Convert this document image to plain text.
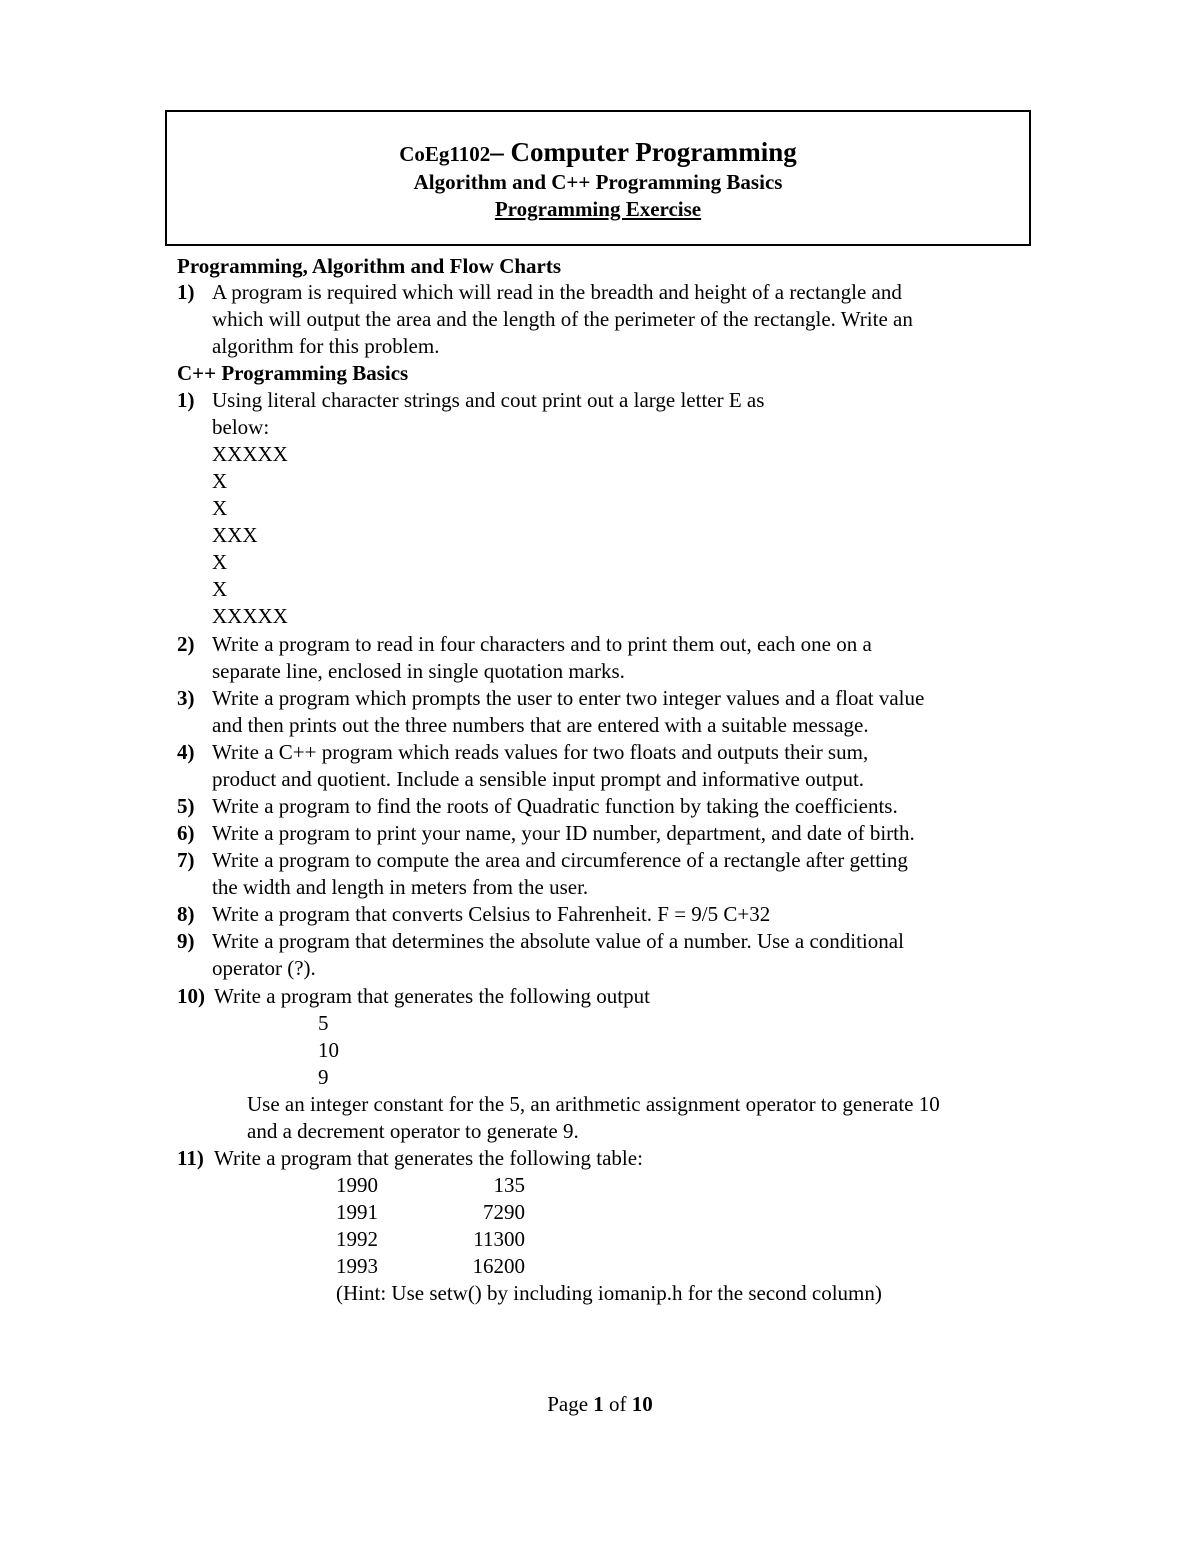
CoEg1102– Computer Programming
Algorithm and C++ Programming Basics
Programming Exercise
Programming, Algorithm and Flow Charts
1) A program is required which will read in the breadth and height of a rectangle and
which will output the area and the length of the perimeter of the rectangle. Write an
algorithm for this problem.
C++ Programming Basics
1) Using literal character strings and cout print out a large letter E as
below:
XXXXX
X
X
XXX
X
X
XXXXX
2) Write a program to read in four characters and to print them out, each one on a
separate line, enclosed in single quotation marks.
3) Write a program which prompts the user to enter two integer values and a float value
and then prints out the three numbers that are entered with a suitable message.
4) Write a C++ program which reads values for two floats and outputs their sum,
product and quotient. Include a sensible input prompt and informative output.
5) Write a program to find the roots of Quadratic function by taking the coefficients.
6) Write a program to print your name, your ID number, department, and date of birth.
7) Write a program to compute the area and circumference of a rectangle after getting
the width and length in meters from the user.
8) Write a program that converts Celsius to Fahrenheit. F = 9/5 C+32
9) Write a program that determines the absolute value of a number. Use a conditional
operator (?).
10) Write a program that generates the following output
5
10
9
Use an integer constant for the 5, an arithmetic assignment operator to generate 10
and a decrement operator to generate 9.
11) Write a program that generates the following table:
1990	135
1991	7290
1992	11300
1993	16200
(Hint: Use setw() by including iomanip.h for the second column)
Page 1 of 10
